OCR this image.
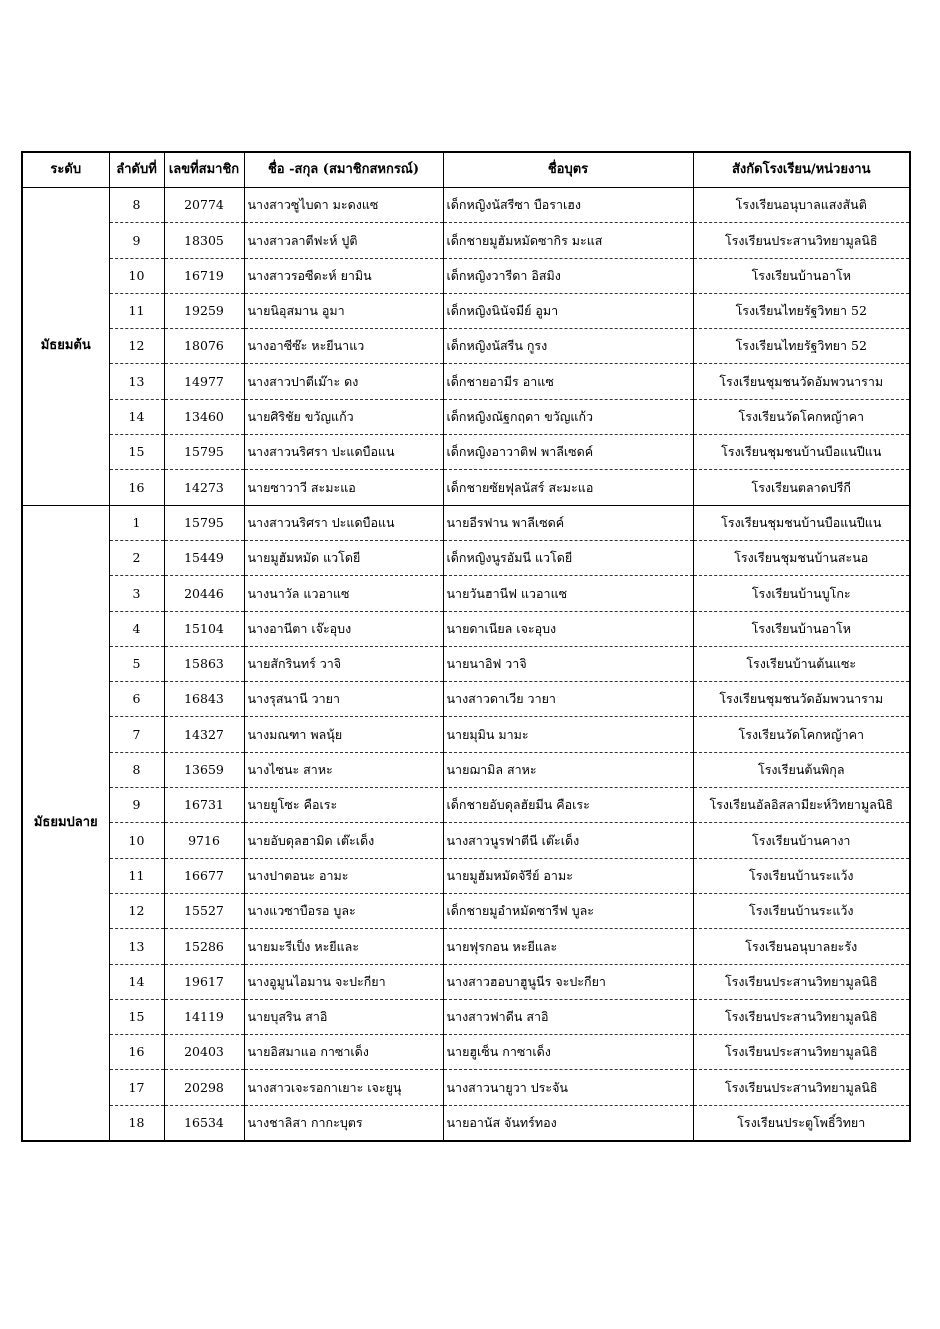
ระดับ	ลำดับที่	เลขที่สมาชิก	ชื่อ -สกุล (สมาชิกสหกรณ์)	ชื่อบุตร	สังกัดโรงเรียน/หน่วยงาน
มัธยมต้น	8	20774	นางสาวซูไบดา มะดงแซ	เด็กหญิงนัสรีซา บือราเฮง	โรงเรียนอนุบาลแสงสันติ
	9	18305	นางสาวลาตีฟะห์ ปูติ	เด็กชายมูฮัมหมัดซากิร มะแส	โรงเรียนประสานวิทยามูลนิธิ
	10	16719	นางสาวรอซีดะห์ ยามิน	เด็กหญิงวารีดา อิสมิง	โรงเรียนบ้านอาโห
	11	19259	นายนิอุสมาน อูมา	เด็กหญิงนินัจมีย์ อูมา	โรงเรียนไทยรัฐวิทยา 52
	12	18076	นางอาซีซ๊ะ หะยีนาแว	เด็กหญิงนัสรีน กูรง	โรงเรียนไทยรัฐวิทยา 52
	13	14977	นางสาวปาตีเม๊าะ ดง	เด็กชายอามีร อาแซ	โรงเรียนชุมชนวัดอัมพวนาราม
	14	13460	นายศิริชัย ขวัญแก้ว	เด็กหญิงณัฐกฤดา ขวัญแก้ว	โรงเรียนวัดโคกหญ้าคา
	15	15795	นางสาวนริศรา ปะแดบือแน	เด็กหญิงอาวาติฟ พาลีเซดค์	โรงเรียนชุมชนบ้านบือแนปีแน
	16	14273	นายซาวาวี สะมะแอ	เด็กชายซัยฟุลนัสร์ สะมะแอ	โรงเรียนตลาดปรีกี
มัธยมปลาย	1	15795	นางสาวนริศรา ปะแดบือแน	นายอีรฟาน พาลีเซดค์	โรงเรียนชุมชนบ้านบือแนปีแน
	2	15449	นายมูฮัมหมัด แวโดยี	เด็กหญิงนูรอัมนี แวโดยี	โรงเรียนชุมชนบ้านสะนอ
	3	20446	นางนาวัล แวอาแซ	นายวันฮานีฟ แวอาแซ	โรงเรียนบ้านบูโกะ
	4	15104	นางอานีตา เจ๊ะอุบง	นายดาเนียล เจะอุบง	โรงเรียนบ้านอาโห
	5	15863	นายสักรินทร์ วาจิ	นายนาอิฟ วาจิ	โรงเรียนบ้านต้นแซะ
	6	16843	นางรุสนานี วายา	นางสาวดาเวีย วายา	โรงเรียนชุมชนวัดอัมพวนาราม
	7	14327	นางมณฑา พลนุ้ย	นายมุมิน มามะ	โรงเรียนวัดโคกหญ้าคา
	8	13659	นางไซนะ สาหะ	นายฌามิล สาหะ	โรงเรียนต้นพิกุล
	9	16731	นายยูโซะ คือเระ	เด็กชายอับดุลฮัยมีน คือเระ	โรงเรียนอัลอิสลามียะห์วิทยามูลนิธิ
	10	9716	นายอับดุลฮามิด เต๊ะเด็ง	นางสาวนูรฟาตีนี เต๊ะเด็ง	โรงเรียนบ้านคางา
	11	16677	นางปาตอนะ อามะ	นายมูฮัมหมัดจัรีย์ อามะ	โรงเรียนบ้านระแว้ง
	12	15527	นางแวซาบือรอ บูละ	เด็กชายมูอำหมัดซารีฟ บูละ	โรงเรียนบ้านระแว้ง
	13	15286	นายมะรีเป็ง หะยีและ	นายฟุรกอน หะยีและ	โรงเรียนอนุบาลยะรัง
	14	19617	นางอูมูนไอมาน จะปะกียา	นางสาวฮอบาฮูนูนีร จะปะกียา	โรงเรียนประสานวิทยามูลนิธิ
	15	14119	นายบุสริน สาอิ	นางสาวฟาดีน สาอิ	โรงเรียนประสานวิทยามูลนิธิ
	16	20403	นายอิสมาแอ กาซาเด็ง	นายฮูเซ็น กาซาเด็ง	โรงเรียนประสานวิทยามูลนิธิ
	17	20298	นางสาวเจะรอกาเยาะ เจะยูนุ	นางสาวนายูวา ประจัน	โรงเรียนประสานวิทยามูลนิธิ
	18	16534	นางชาลิสา กากะบุตร	นายอานัส จันทร์ทอง	โรงเรียนประตูโพธิ์วิทยา
